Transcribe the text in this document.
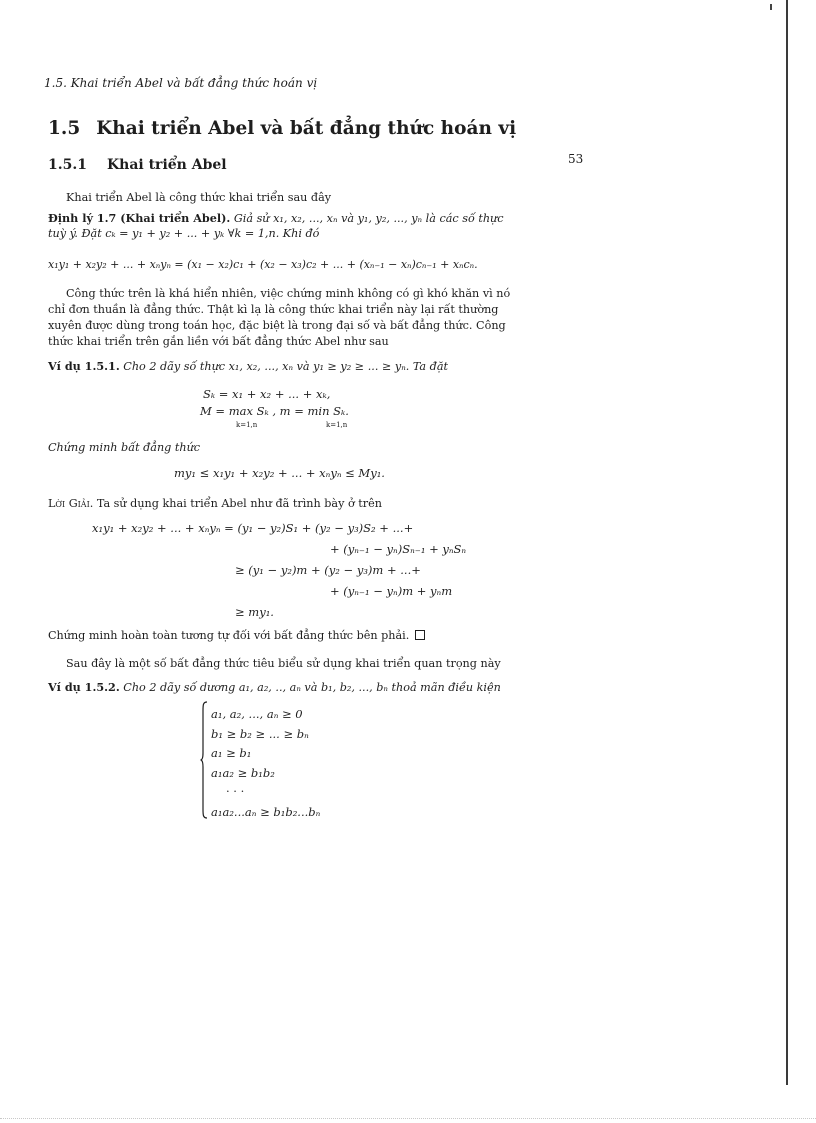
1.5. Khai triển Abel và bất đẳng thức hoán vị
53
1.5 Khai triển Abel và bất đẳng thức hoán vị
1.5.1 Khai triển Abel
Khai triển Abel là công thức khai triển sau đây
Định lý 1.7 (Khai triển Abel). Giả sử x₁, x₂, ..., xₙ và y₁, y₂, ..., yₙ là các số thực
tuỳ ý. Đặt cₖ = y₁ + y₂ + ... + yₖ ∀k = 1,n. Khi đó
x₁y₁ + x₂y₂ + ... + xₙyₙ = (x₁ − x₂)c₁ + (x₂ − x₃)c₂ + ... + (xₙ₋₁ − xₙ)cₙ₋₁ + xₙcₙ.
Công thức trên là khá hiển nhiên, việc chứng minh không có gì khó khăn vì nó
chỉ đơn thuần là đẳng thức. Thật kì lạ là công thức khai triển này lại rất thường
xuyên được dùng trong toán học, đặc biệt là trong đại số và bất đẳng thức. Công
thức khai triển trên gắn liền với bất đẳng thức Abel như sau
Ví dụ 1.5.1. Cho 2 dãy số thực x₁, x₂, ..., xₙ và y₁ ≥ y₂ ≥ ... ≥ yₙ. Ta đặt
Sₖ = x₁ + x₂ + ... + xₖ,
M = max Sₖ , m = min Sₖ.
k=1,n	k=1,n
Chứng minh bất đẳng thức
my₁ ≤ x₁y₁ + x₂y₂ + ... + xₙyₙ ≤ My₁.
Lời Giải. Ta sử dụng khai triển Abel như đã trình bày ở trên
x₁y₁ + x₂y₂ + ... + xₙyₙ = (y₁ − y₂)S₁ + (y₂ − y₃)S₂ + ...+
+ (yₙ₋₁ − yₙ)Sₙ₋₁ + yₙSₙ
≥ (y₁ − y₂)m + (y₂ − y₃)m + ...+
+ (yₙ₋₁ − yₙ)m + yₙm
≥ my₁.
Chứng minh hoàn toàn tương tự đối với bất đẳng thức bên phải.
Sau đây là một số bất đẳng thức tiêu biểu sử dụng khai triển quan trọng này
Ví dụ 1.5.2. Cho 2 dãy số dương a₁, a₂, .., aₙ và b₁, b₂, ..., bₙ thoả mãn điều kiện
a₁, a₂, ..., aₙ ≥ 0
b₁ ≥ b₂ ≥ ... ≥ bₙ
a₁ ≥ b₁
a₁a₂ ≥ b₁b₂
· · ·
a₁a₂...aₙ ≥ b₁b₂...bₙ
